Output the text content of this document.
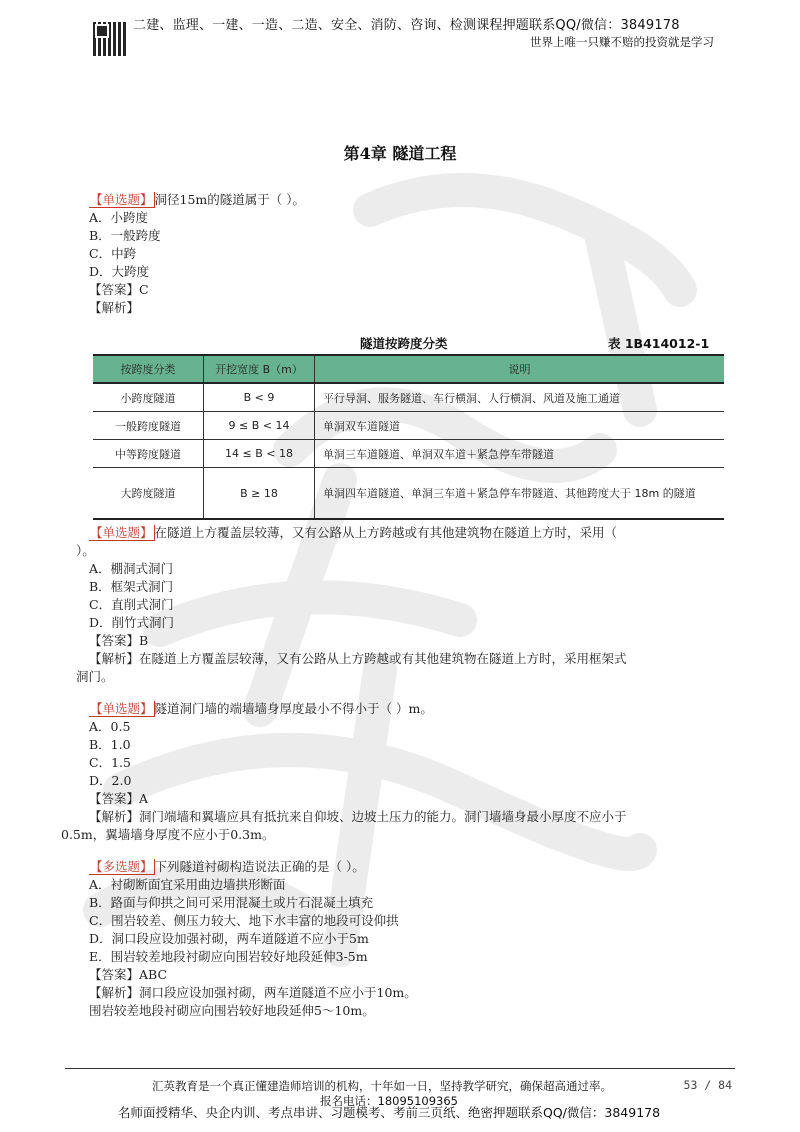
二建、监理、一建、一造、二造、安全、消防、咨询、检测课程押题联系QQ/微信：3849178
世界上唯一只赚不赔的投资就是学习
第4章 隧道工程
【单选题】 洞径15m的隧道属于（ ）。
A．小跨度
B．一般跨度
C．中跨
D．大跨度
【答案】C
【解析】
隧道按跨度分类	表 1B414012-1
按跨度分类	开挖宽度 B（m）	说明
小跨度隧道	B < 9	平行导洞、服务隧道、车行横洞、人行横洞、风道及施工通道
一般跨度隧道	9 ≤ B < 14	单洞双车道隧道
中等跨度隧道	14 ≤ B < 18	单洞三车道隧道、单洞双车道＋紧急停车带隧道
大跨度隧道	B ≥ 18	单洞四车道隧道、单洞三车道＋紧急停车带隧道、其他跨度大于 18m 的隧道
【单选题】 在隧道上方覆盖层较薄，又有公路从上方跨越或有其他建筑物在隧道上方时，采用（
）。
A．棚洞式洞门
B．框架式洞门
C．直削式洞门
D．削竹式洞门
【答案】B
【解析】在隧道上方覆盖层较薄，又有公路从上方跨越或有其他建筑物在隧道上方时，采用框架式
洞门。
【单选题】 隧道洞门墙的端墙墙身厚度最小不得小于（ ）m。
A．0.5
B．1.0
C．1.5
D．2.0
【答案】A
【解析】洞门端墙和翼墙应具有抵抗来自仰坡、边坡土压力的能力。洞门墙墙身最小厚度不应小于
0.5m，翼墙墙身厚度不应小于0.3m。
【多选题】 下列隧道衬砌构造说法正确的是（ ）。
A．衬砌断面宜采用曲边墙拱形断面
B．路面与仰拱之间可采用混凝土或片石混凝土填充
C．围岩较差、侧压力较大、地下水丰富的地段可设仰拱
D．洞口段应设加强衬砌，两车道隧道不应小于5m
E．围岩较差地段衬砌应向围岩较好地段延伸3-5m
【答案】ABC
【解析】洞口段应设加强衬砌，两车道隧道不应小于10m。
围岩较差地段衬砌应向围岩较好地段延伸5～10m。
汇英教育是一个真正懂建造师培训的机构，十年如一日，坚持教学研究，确保超高通过率。
报名电话：18095109365
53 / 84
名师面授精华、央企内训、考点串讲、习题模考、考前三页纸、绝密押题联系QQ/微信：3849178
